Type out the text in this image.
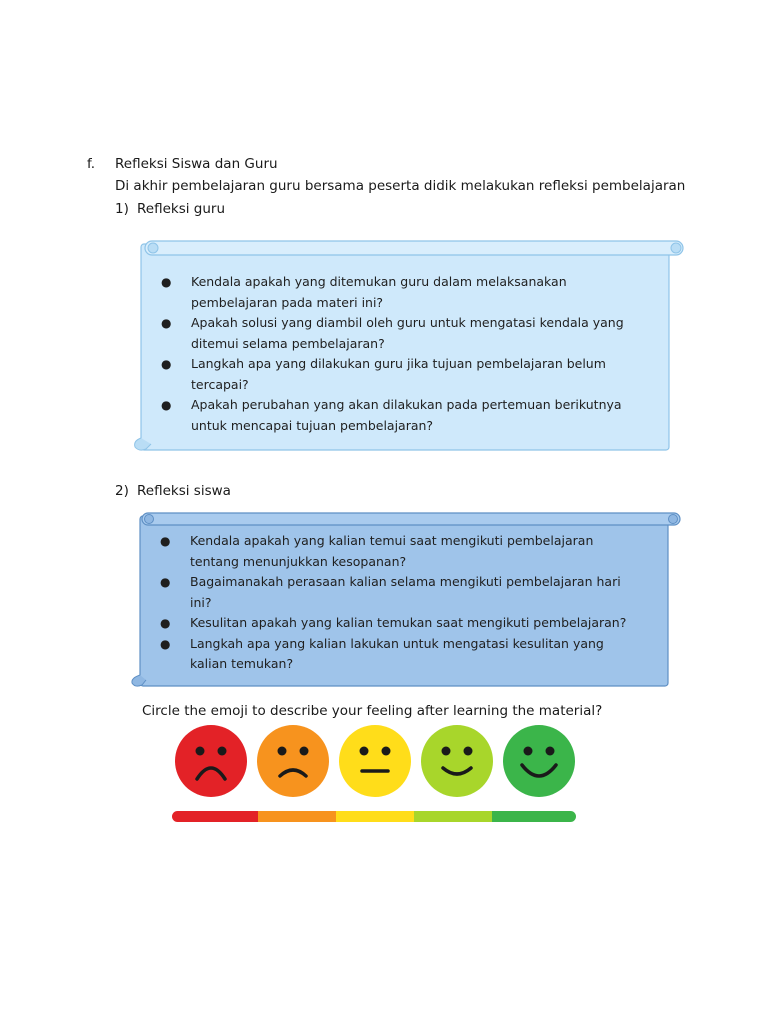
f. Refleksi Siswa dan Guru
Di akhir pembelajaran guru bersama peserta didik melakukan refleksi pembelajaran
1) Refleksi guru
● Kendala apakah yang ditemukan guru dalam melaksanakan
pembelajaran pada materi ini?
● Apakah solusi yang diambil oleh guru untuk mengatasi kendala yang
ditemui selama pembelajaran?
● Langkah apa yang dilakukan guru jika tujuan pembelajaran belum
tercapai?
● Apakah perubahan yang akan dilakukan pada pertemuan berikutnya
untuk mencapai tujuan pembelajaran?
2) Refleksi siswa
● Kendala apakah yang kalian temui saat mengikuti pembelajaran
tentang menunjukkan kesopanan?
● Bagaimanakah perasaan kalian selama mengikuti pembelajaran hari
ini?
● Kesulitan apakah yang kalian temukan saat mengikuti pembelajaran?
● Langkah apa yang kalian lakukan untuk mengatasi kesulitan yang
kalian temukan?
Circle the emoji to describe your feeling after learning the material?
